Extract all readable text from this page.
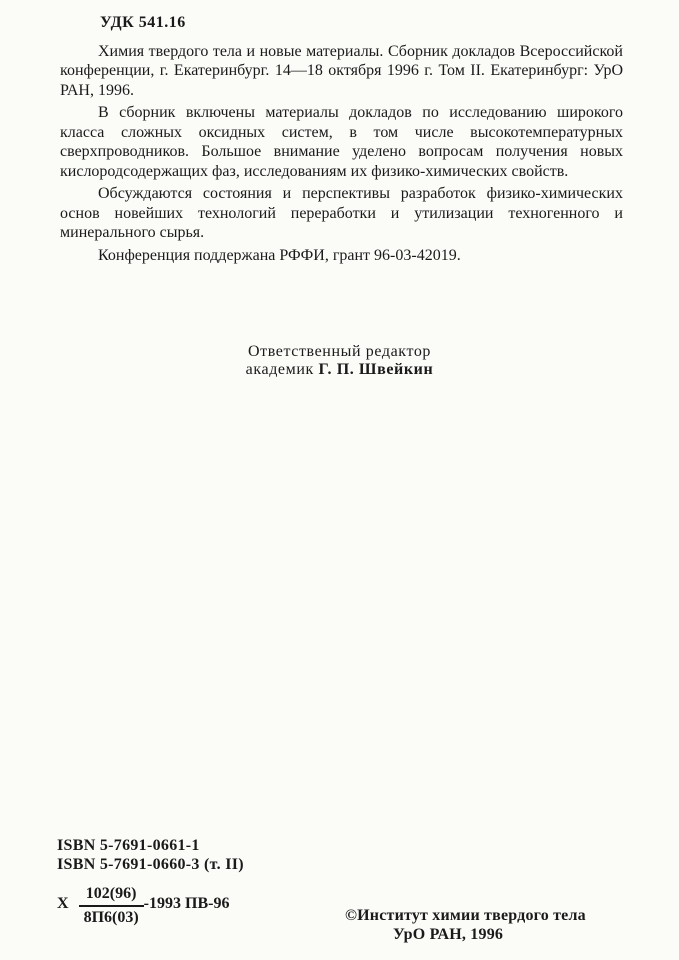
УДК 541.16

Химия твердого тела и новые материалы. Сборник докладов Всероссийской конференции, г. Екатеринбург. 14—18 октября 1996 г. Том II. Екатеринбург: УрО РАН, 1996.

В сборник включены материалы докладов по исследованию широкого класса сложных оксидных систем, в том числе высокотемпературных сверхпроводников. Большое внимание уделено вопросам получения новых кислородсодержащих фаз, исследованиям их физико-химических свойств.

Обсуждаются состояния и перспективы разработок физико-химических основ новейших технологий переработки и утилизации техногенного и минерального сырья.

Конференция поддержана РФФИ, грант 96-03-42019.

Ответственный редактор
академик Г. П. Швейкин
ISBN 5-7691-0661-1
ISBN 5-7691-0660-3 (т. II)
Х $\frac{102(96)}{8П6(03)} -1993$ ПВ-96
©Институт химии твердого тела
УрО РАН, 1996
